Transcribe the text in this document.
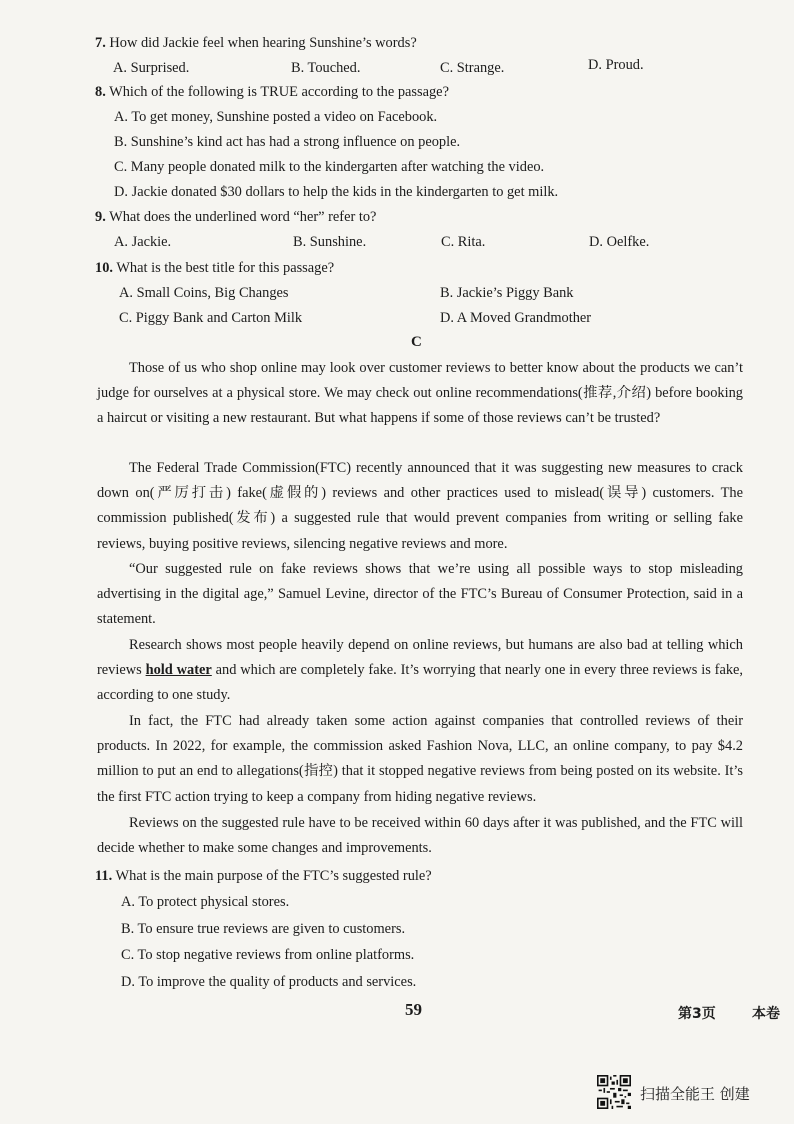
7. How did Jackie feel when hearing Sunshine’s words?
A. Surprised.	B. Touched.	C. Strange.	D. Proud.
8. Which of the following is TRUE according to the passage?
A. To get money, Sunshine posted a video on Facebook.
B. Sunshine’s kind act has had a strong influence on people.
C. Many people donated milk to the kindergarten after watching the video.
D. Jackie donated $30 dollars to help the kids in the kindergarten to get milk.
9. What does the underlined word “her” refer to?
A. Jackie.	B. Sunshine.	C. Rita.	D. Oelfke.
10. What is the best title for this passage?
A. Small Coins, Big Changes	B. Jackie’s Piggy Bank
C. Piggy Bank and Carton Milk	D. A Moved Grandmother
C
Those of us who shop online may look over customer reviews to better know about the products we can’t judge for ourselves at a physical store. We may check out online recommendations(推荐,介绍) before booking a haircut or visiting a new restaurant. But what happens if some of those reviews can’t be trusted?
The Federal Trade Commission(FTC) recently announced that it was suggesting new measures to crack down on(严厉打击) fake(虚假的) reviews and other practices used to mislead(误导) customers. The commission published(发布) a suggested rule that would prevent companies from writing or selling fake reviews, buying positive reviews, silencing negative reviews and more.
“Our suggested rule on fake reviews shows that we’re using all possible ways to stop misleading advertising in the digital age,” Samuel Levine, director of the FTC’s Bureau of Consumer Protection, said in a statement.
Research shows most people heavily depend on online reviews, but humans are also bad at telling which reviews hold water and which are completely fake. It’s worrying that nearly one in every three reviews is fake, according to one study.
In fact, the FTC had already taken some action against companies that controlled reviews of their products. In 2022, for example, the commission asked Fashion Nova, LLC, an online company, to pay $4.2 million to put an end to allegations(指控) that it stopped negative reviews from being posted on its website. It’s the first FTC action trying to keep a company from hiding negative reviews.
Reviews on the suggested rule have to be received within 60 days after it was published, and the FTC will decide whether to make some changes and improvements.
11. What is the main purpose of the FTC’s suggested rule?
A. To protect physical stores.
B. To ensure true reviews are given to customers.
C. To stop negative reviews from online platforms.
D. To improve the quality of products and services.
59	第3页	本卷
扫描全能王 创建
